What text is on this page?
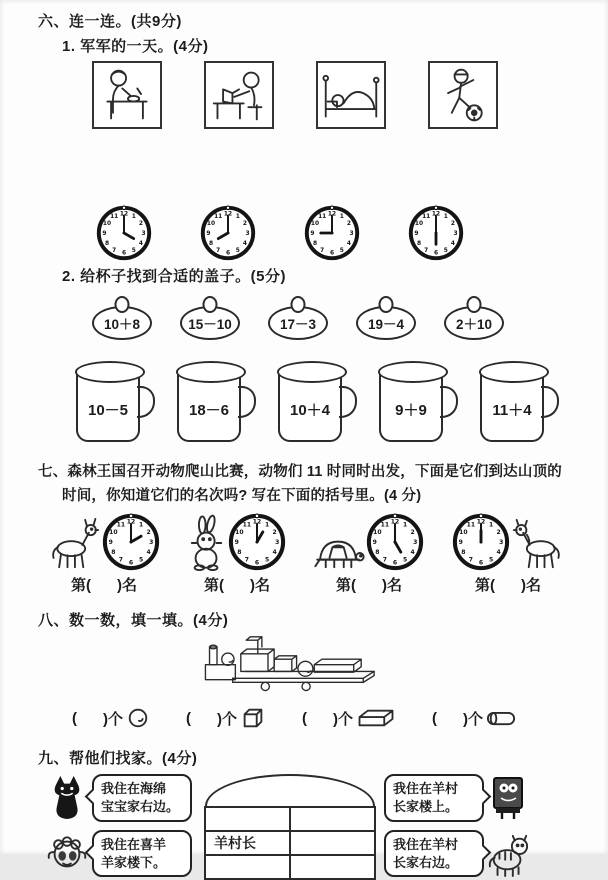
六、连一连。(共9分)
1. 军军的一天。(4分)
1
2
3
4
5
6
7
8
9
10
11 12	1
2
3
4
5
6
7
8
9
10
11 12	1
2
3
4
5
6
7
8
9
10
11 12	1
2
3
4
5
6
7
8
9
10
11 12
2. 给杯子找到合适的盖子。(5分)
10＋8	15－10	17－3	19－4	2＋10
10－5	18－6	10＋4	9＋9	11＋4
七、森林王国召开动物爬山比赛，动物们 11 时同时出发，下面是它们到达山顶的
时间，你知道它们的名次吗? 写在下面的括号里。(4 分)
1
2
3
4
5
6
7
8
9
10
11 12
第( )名
1
2
3
4
5
6
7
8
9
10
11 12
第( )名
1
2
3
4
5
6
7
8
9
10
11 12
第( )名
1
2
3
4
5
6
7
8
9
10
11 12
第( )名
八、数一数，填一填。(4分)
( )个	( )个	( )个	( )个
九、帮他们找家。(4分)
我住在海绵
宝宝家右边。
我住在喜羊
羊家楼下。

羊村长	

我住在羊村
长家楼上。
我住在羊村
长家右边。
